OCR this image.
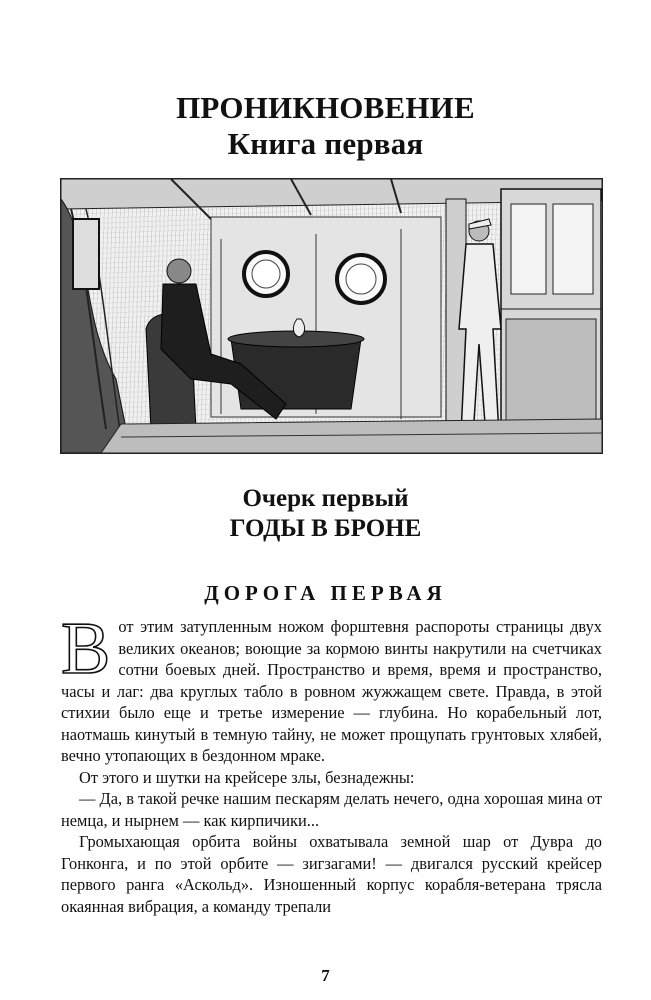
ПРОНИКНОВЕНИЕ
Книга первая
Очерк первый
ГОДЫ В БРОНЕ
ДОРОГА ПЕРВАЯ

Вот этим затупленным ножом форштевня распороты страницы двух великих океанов; воющие за кормою винты накрутили на счетчиках сотни боевых дней. Пространство и время, время и пространство, часы и лаг: два круглых табло в ровном жужжащем свете. Правда, в этой стихии было еще и третье измерение — глубина. Но корабельный лот, наотмашь кинутый в темную тайну, не может прощупать грунтовых хлябей, вечно утопающих в бездонном мраке.

От этого и шутки на крейсере злы, безнадежны:

— Да, в такой речке нашим пескарям делать нечего, одна хорошая мина от немца, и нырнем — как кирпичики...

Громыхающая орбита войны охватывала земной шар от Дувра до Гонконга, и по этой орбите — зигзагами! — двигался русский крейсер первого ранга «Аскольд». Изношенный корпус корабля-ветерана трясла окаянная вибрация, а команду трепали

7
